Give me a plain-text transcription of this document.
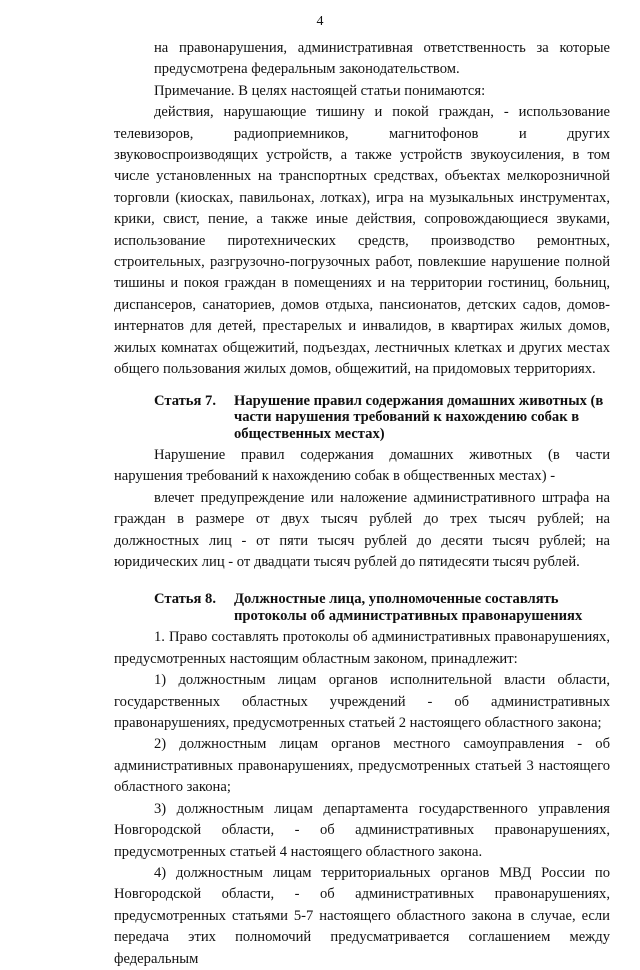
4

на правонарушения, административная ответственность за которые предусмотрена федеральным законодательством.

Примечание. В целях настоящей статьи понимаются:

действия, нарушающие тишину и покой граждан, - использование телевизоров, радиоприемников, магнитофонов и других звуковоспроизводящих устройств, а также устройств звукоусиления, в том числе установленных на транспортных средствах, объектах мелкорозничной торговли (киосках, павильонах, лотках), игра на музыкальных инструментах, крики, свист, пение, а также иные действия, сопровождающиеся звуками, использование пиротехнических средств, производство ремонтных, строительных, разгрузочно-погрузочных работ, повлекшие нарушение полной тишины и покоя граждан в помещениях и на территории гостиниц, больниц, диспансеров, санаториев, домов отдыха, пансионатов, детских садов, домов-интернатов для детей, престарелых и инвалидов, в квартирах жилых домов, жилых комнатах общежитий, подъездах, лестничных клетках и других местах общего пользования жилых домов, общежитий, на придомовых территориях.

Статья 7.	Нарушение правил содержания домашних животных (в части нарушения требований к нахождению собак в общественных местах)

Нарушение правил содержания домашних животных (в части нарушения требований к нахождению собак в общественных местах) -

влечет предупреждение или наложение административного штрафа на граждан в размере от двух тысяч рублей до трех тысяч рублей; на должностных лиц - от пяти тысяч рублей до десяти тысяч рублей; на юридических лиц - от двадцати тысяч рублей до пятидесяти тысяч рублей.

Статья 8.	Должностные лица, уполномоченные составлять протоколы об административных правонарушениях

1. Право составлять протоколы об административных правонарушениях, предусмотренных настоящим областным законом, принадлежит:

1) должностным лицам органов исполнительной власти области, государственных областных учреждений - об административных правонарушениях, предусмотренных статьей 2 настоящего областного закона;

2) должностным лицам органов местного самоуправления - об административных правонарушениях, предусмотренных статьей 3 настоящего областного закона;

3) должностным лицам департамента государственного управления Новгородской области, - об административных правонарушениях, предусмотренных статьей 4 настоящего областного закона.

4) должностным лицам территориальных органов МВД России по Новгородской области, - об административных правонарушениях, предусмотренных статьями 5-7 настоящего областного закона в случае, если передача этих полномочий предусматривается соглашением между федеральным
